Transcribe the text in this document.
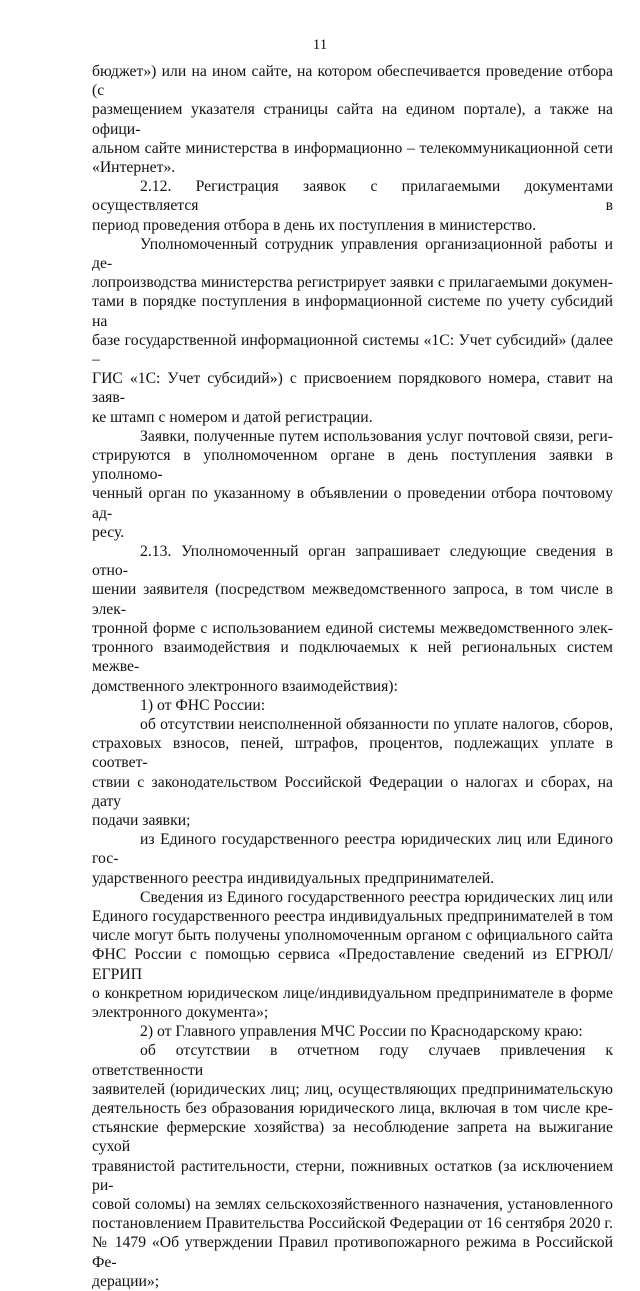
11

бюджет») или на ином сайте, на котором обеспечивается проведение отбора (с

размещением указателя страницы сайта на едином портале), а также на офици-

альном сайте министерства в информационно – телекоммуникационной сети

«Интернет».

2.12. Регистрация заявок с прилагаемыми документами осуществляется в

период проведения отбора в день их поступления в министерство.

Уполномоченный сотрудник управления организационной работы и де-

лопроизводства министерства регистрирует заявки с прилагаемыми докумен-

тами в порядке поступления в информационной системе по учету субсидий на

базе государственной информационной системы «1С: Учет субсидий» (далее –

ГИС «1С: Учет субсидий») с присвоением порядкового номера, ставит на заяв-

ке штамп с номером и датой регистрации.

Заявки, полученные путем использования услуг почтовой связи, реги-

стрируются в уполномоченном органе в день поступления заявки в уполномо-

ченный орган по указанному в объявлении о проведении отбора почтовому ад-

ресу.

2.13. Уполномоченный орган запрашивает следующие сведения в отно-

шении заявителя (посредством межведомственного запроса, в том числе в элек-

тронной форме с использованием единой системы межведомственного элек-

тронного взаимодействия и подключаемых к ней региональных систем межве-

домственного электронного взаимодействия):

1) от ФНС России:

об отсутствии неисполненной обязанности по уплате налогов, сборов,

страховых взносов, пеней, штрафов, процентов, подлежащих уплате в соответ-

ствии с законодательством Российской Федерации о налогах и сборах, на дату

подачи заявки;

из Единого государственного реестра юридических лиц или Единого гос-

ударственного реестра индивидуальных предпринимателей.

Сведения из Единого государственного реестра юридических лиц или

Единого государственного реестра индивидуальных предпринимателей в том

числе могут быть получены уполномоченным органом с официального сайта

ФНС России с помощью сервиса «Предоставление сведений из ЕГРЮЛ/ЕГРИП

о конкретном юридическом лице/индивидуальном предпринимателе в форме

электронного документа»;

2) от Главного управления МЧС России по Краснодарскому краю:

об отсутствии в отчетном году случаев привлечения к ответственности

заявителей (юридических лиц; лиц, осуществляющих предпринимательскую

деятельность без образования юридического лица, включая в том числе кре-

стьянские фермерские хозяйства) за несоблюдение запрета на выжигание сухой

травянистой растительности, стерни, пожнивных остатков (за исключением ри-

совой соломы) на землях сельскохозяйственного назначения, установленного

постановлением Правительства Российской Федерации от 16 сентября 2020 г.

№ 1479 «Об утверждении Правил противопожарного режима в Российской Фе-

дерации»;
